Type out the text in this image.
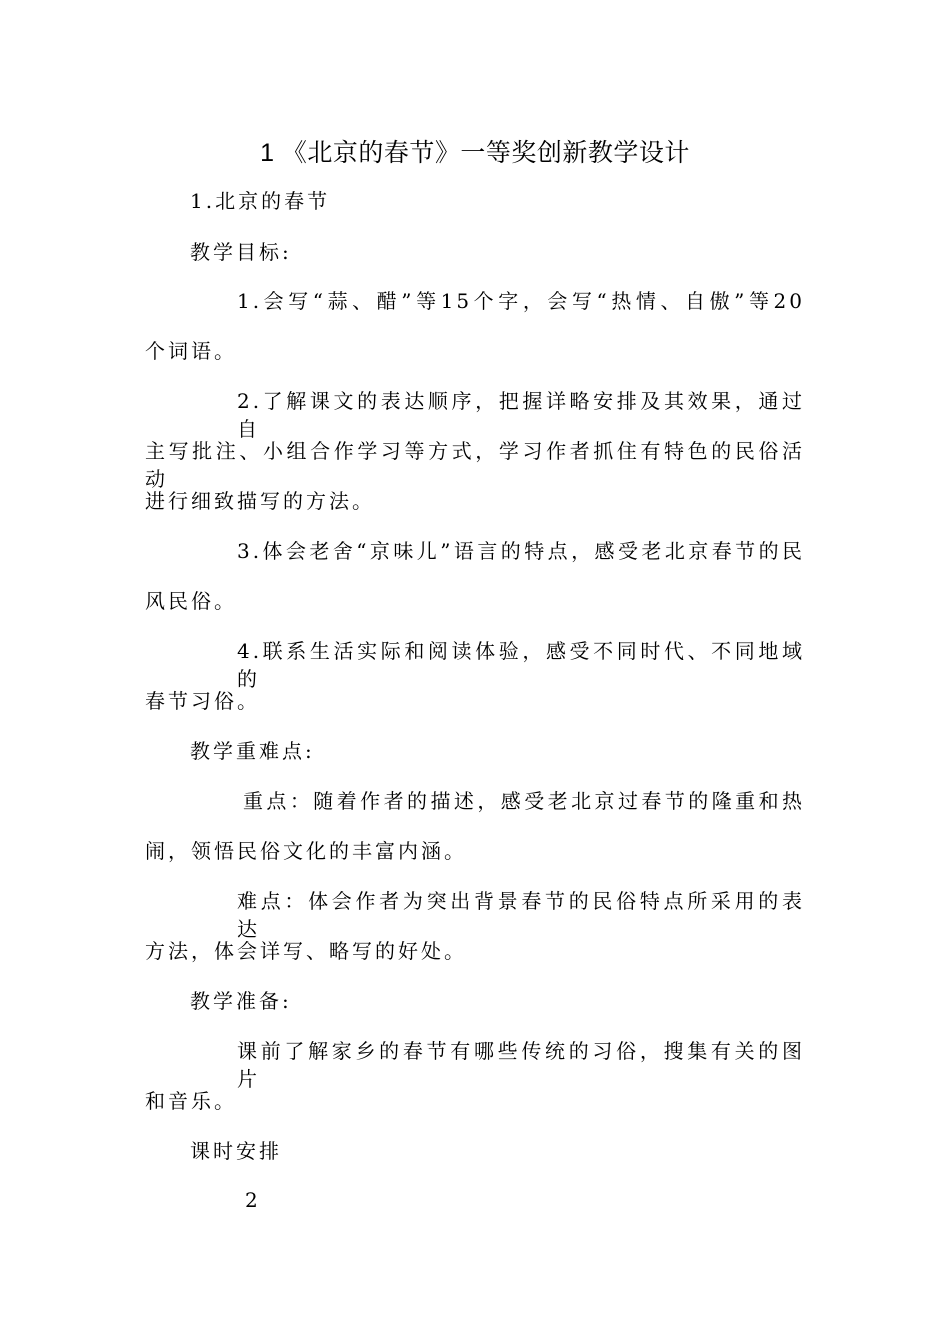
1 《北京的春节》一等奖创新教学设计
1.北京的春节
教学目标:
1.会写“蒜、醋”等15个字，会写“热情、自傲”等20
个词语。
2.了解课文的表达顺序，把握详略安排及其效果，通过自
主写批注、小组合作学习等方式，学习作者抓住有特色的民俗活动
进行细致描写的方法。
3.体会老舍“京味儿”语言的特点，感受老北京春节的民
风民俗。
4.联系生活实际和阅读体验，感受不同时代、不同地域的
春节习俗。
教学重难点:
重点：随着作者的描述，感受老北京过春节的隆重和热
闹，领悟民俗文化的丰富内涵。
难点：体会作者为突出背景春节的民俗特点所采用的表达
方法，体会详写、略写的好处。
教学准备:
课前了解家乡的春节有哪些传统的习俗，搜集有关的图片
和音乐。
课时安排
2
